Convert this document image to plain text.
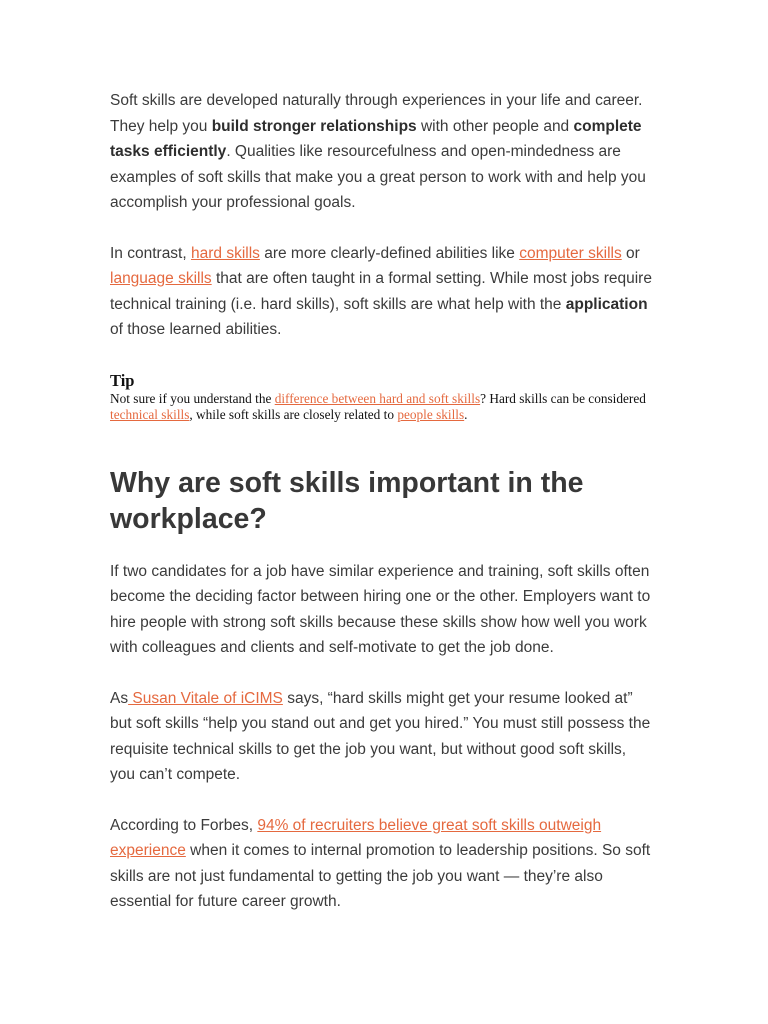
Soft skills are developed naturally through experiences in your life and career. They help you build stronger relationships with other people and complete tasks efficiently. Qualities like resourcefulness and open-mindedness are examples of soft skills that make you a great person to work with and help you accomplish your professional goals.

In contrast, hard skills are more clearly-defined abilities like computer skills or language skills that are often taught in a formal setting. While most jobs require technical training (i.e. hard skills), soft skills are what help with the application of those learned abilities.

Tip

Not sure if you understand the difference between hard and soft skills? Hard skills can be considered technical skills, while soft skills are closely related to people skills.

Why are soft skills important in the workplace?

If two candidates for a job have similar experience and training, soft skills often become the deciding factor between hiring one or the other. Employers want to hire people with strong soft skills because these skills show how well you work with colleagues and clients and self-motivate to get the job done.

As Susan Vitale of iCIMS says, “hard skills might get your resume looked at” but soft skills “help you stand out and get you hired.” You must still possess the requisite technical skills to get the job you want, but without good soft skills, you can’t compete.

According to Forbes, 94% of recruiters believe great soft skills outweigh experience when it comes to internal promotion to leadership positions. So soft skills are not just fundamental to getting the job you want — they’re also essential for future career growth.
